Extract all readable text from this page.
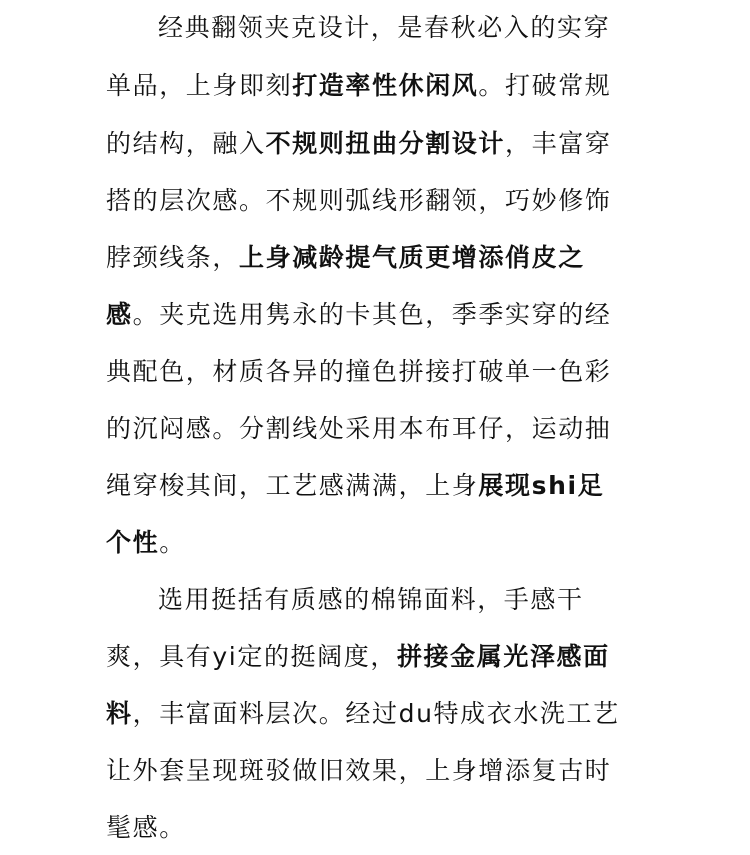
经典翻领夹克设计，是春秋必入的实穿
单品，上身即刻打造率性休闲风。打破常规
的结构，融入不规则扭曲分割设计，丰富穿
搭的层次感。不规则弧线形翻领，巧妙修饰
脖颈线条，上身减龄提气质更增添俏皮之
感。夹克选用隽永的卡其色，季季实穿的经
典配色，材质各异的撞色拼接打破单一色彩
的沉闷感。分割线处采用本布耳仔，运动抽
绳穿梭其间，工艺感满满，上身展现shi足
个性。
选用挺括有质感的棉锦面料，手感干
爽，具有yi定的挺阔度，拼接金属光泽感面
料，丰富面料层次。经过du特成衣水洗工艺
让外套呈现斑驳做旧效果，上身增添复古时
髦感。
